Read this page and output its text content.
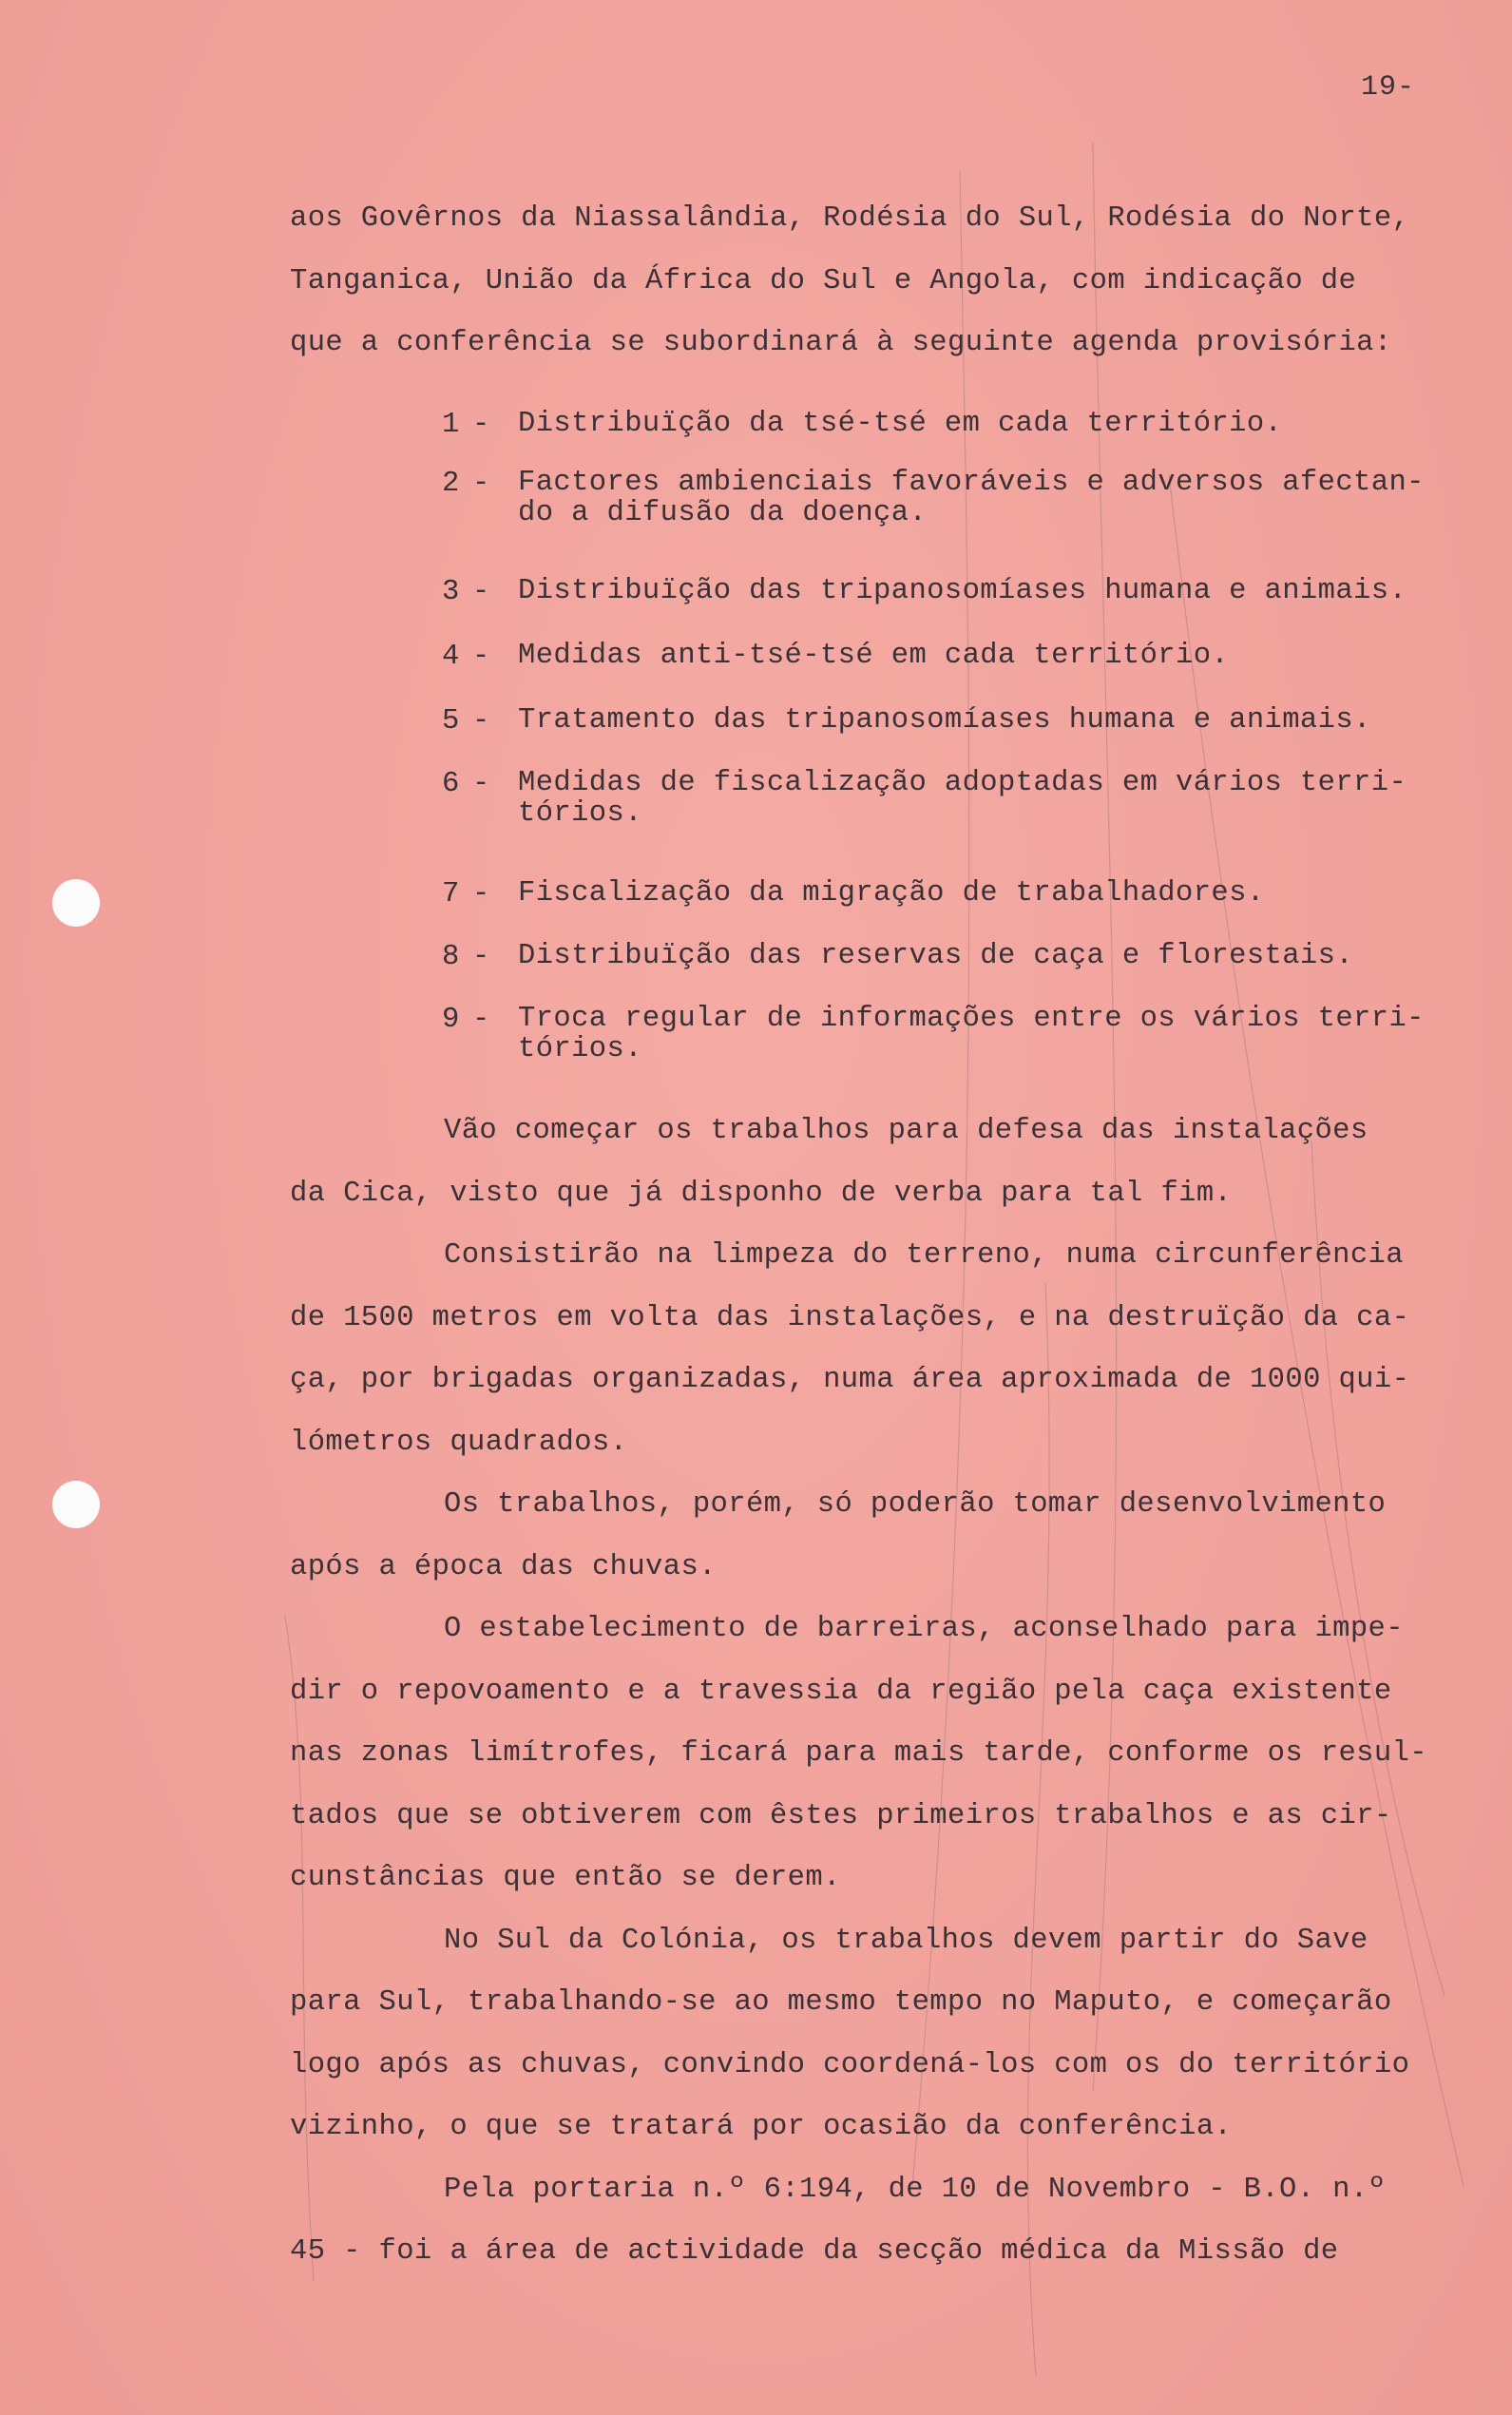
19-
aos Govêrnos da Niassalândia, Rodésia do Sul, Rodésia do Norte,
Tanganica, União da África do Sul e Angola, com indicação de
que a conferência se subordinará à seguinte agenda provisória:
1 - Distribuïção da tsé-tsé em cada território.
2 - Factores ambienciais favoráveis e adversos afectan-
do a difusão da doença.
3 - Distribuïção das tripanosomíases humana e animais.
4 - Medidas anti-tsé-tsé em cada território.
5 - Tratamento das tripanosomíases humana e animais.
6 - Medidas de fiscalização adoptadas em vários terri-
tórios.
7 - Fiscalização da migração de trabalhadores.
8 - Distribuïção das reservas de caça e florestais.
9 - Troca regular de informações entre os vários terri-
tórios.
Vão começar os trabalhos para defesa das instalações
da Cica, visto que já disponho de verba para tal fim.
Consistirão na limpeza do terreno, numa circunferência
de 1500 metros em volta das instalações, e na destruïção da ca-
ça, por brigadas organizadas, numa área aproximada de 1000 qui-
lómetros quadrados.
Os trabalhos, porém, só poderão tomar desenvolvimento
após a época das chuvas.
O estabelecimento de barreiras, aconselhado para impe-
dir o repovoamento e a travessia da região pela caça existente
nas zonas limítrofes, ficará para mais tarde, conforme os resul-
tados que se obtiverem com êstes primeiros trabalhos e as cir-
cunstâncias que então se derem.
No Sul da Colónia, os trabalhos devem partir do Save
para Sul, trabalhando-se ao mesmo tempo no Maputo, e começarão
logo após as chuvas, convindo coordená-los com os do território
vizinho, o que se tratará por ocasião da conferência.
Pela portaria n.º 6:194, de 10 de Novembro - B.O. n.º
45 - foi a área de actividade da secção médica da Missão de
